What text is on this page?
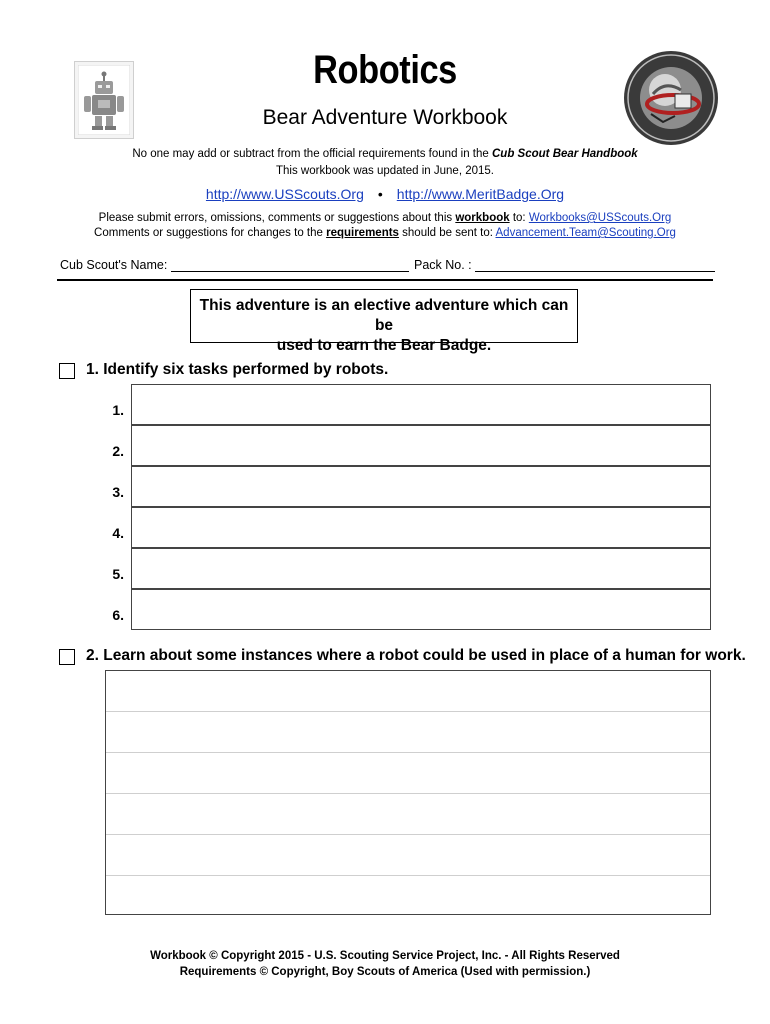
Robotics
Bear Adventure Workbook
No one may add or subtract from the official requirements found in the Cub Scout Bear Handbook
This workbook was updated in June, 2015.
http://www.USScouts.Org • http://www.MeritBadge.Org
Please submit errors, omissions, comments or suggestions about this workbook to: Workbooks@USScouts.Org
Comments or suggestions for changes to the requirements should be sent to: Advancement.Team@Scouting.Org
Cub Scout's Name:	Pack No. :
This adventure is an elective adventure which can be
used to earn the Bear Badge.
1. Identify six tasks performed by robots.
1.
2.
3.
4.
5.
6.
2. Learn about some instances where a robot could be used in place of a human for work.
Workbook © Copyright 2015 - U.S. Scouting Service Project, Inc. - All Rights Reserved
Requirements © Copyright, Boy Scouts of America (Used with permission.)
